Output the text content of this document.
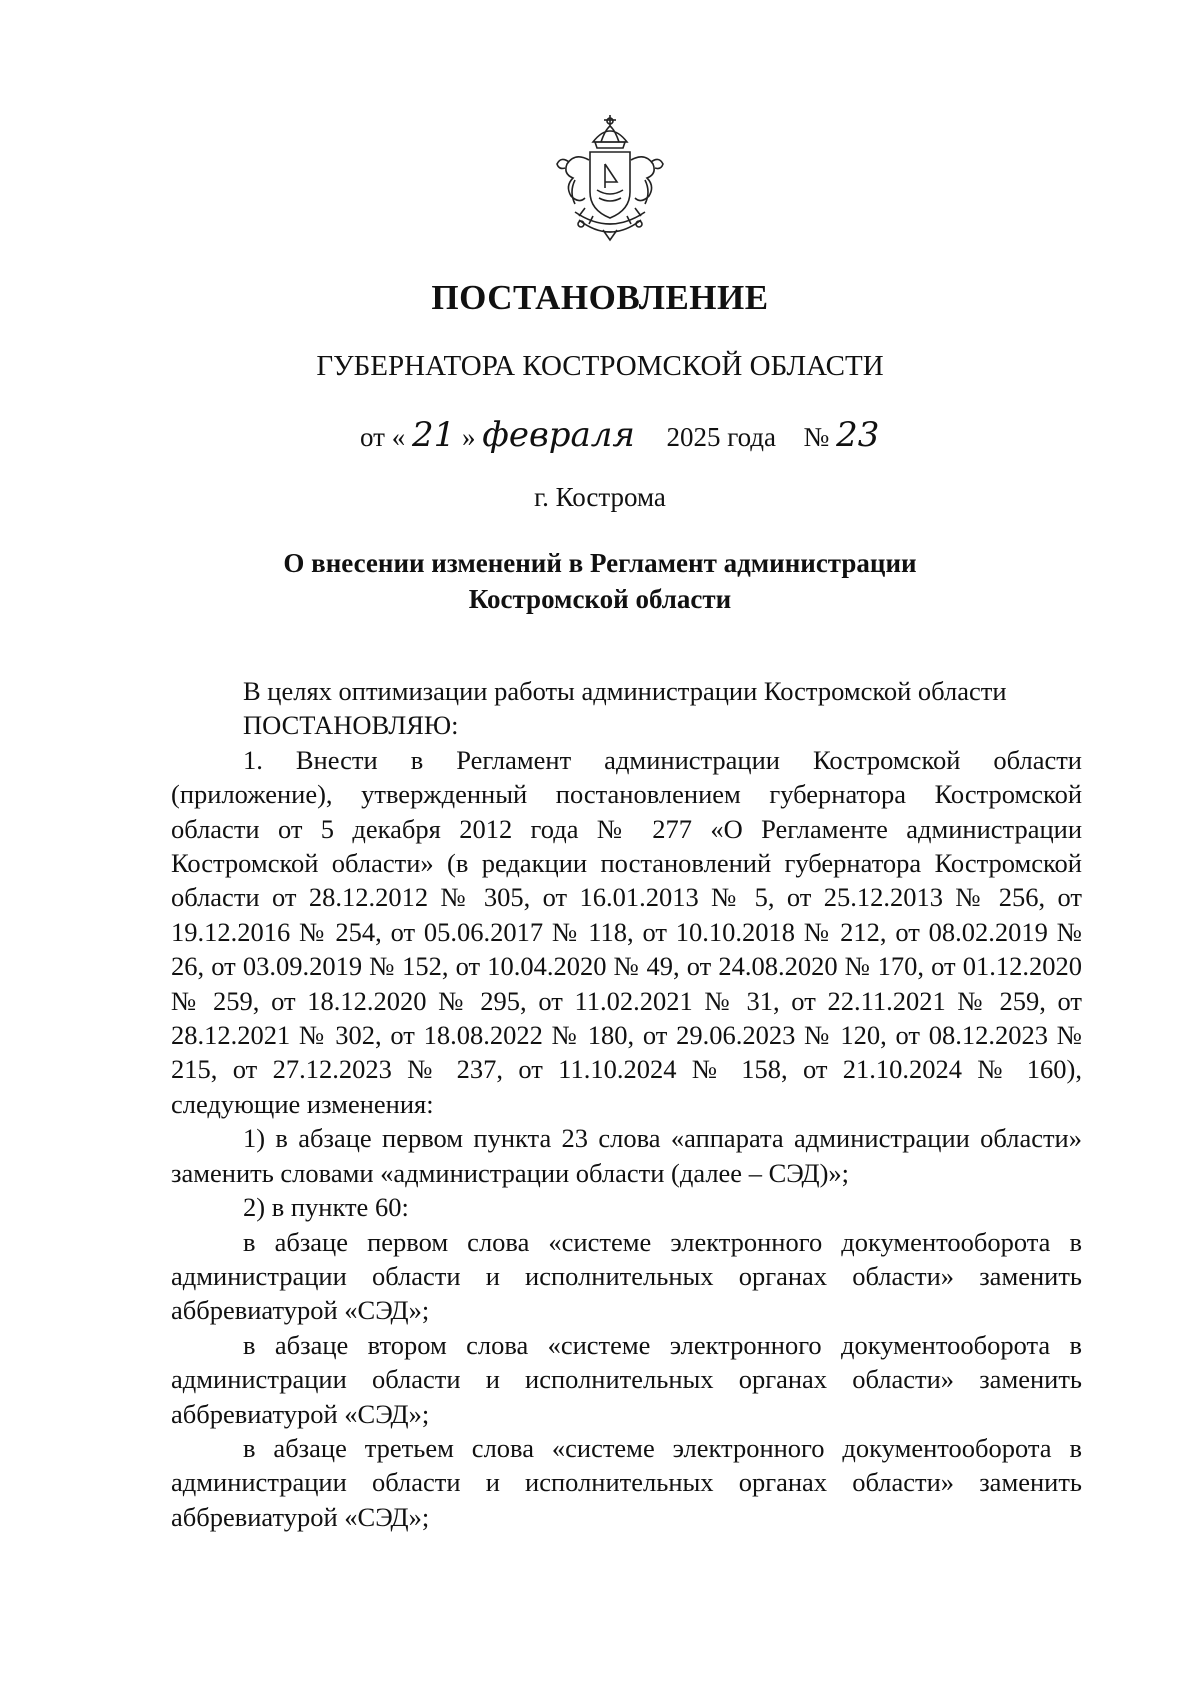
ПОСТАНОВЛЕНИЕ
ГУБЕРНАТОРА КОСТРОМСКОЙ ОБЛАСТИ
от « 21 » февраля 2025 года № 23
г. Кострома
О внесении изменений в Регламент администрации
Костромской области

В целях оптимизации работы администрации Костромской области

ПОСТАНОВЛЯЮ:

1. Внести в Регламент администрации Костромской области (приложение), утвержденный постановлением губернатора Костромской области от 5 декабря 2012 года № 277 «О Регламенте администрации Костромской области» (в редакции постановлений губернатора Костромской области от 28.12.2012 № 305, от 16.01.2013 № 5, от 25.12.2013 № 256, от 19.12.2016 № 254, от 05.06.2017 № 118, от 10.10.2018 № 212, от 08.02.2019 № 26, от 03.09.2019 № 152, от 10.04.2020 № 49, от 24.08.2020 № 170, от 01.12.2020 № 259, от 18.12.2020 № 295, от 11.02.2021 № 31, от 22.11.2021 № 259, от 28.12.2021 № 302, от 18.08.2022 № 180, от 29.06.2023 № 120, от 08.12.2023 № 215, от 27.12.2023 № 237, от 11.10.2024 № 158, от 21.10.2024 № 160), следующие изменения:

1) в абзаце первом пункта 23 слова «аппарата администрации области» заменить словами «администрации области (далее – СЭД)»;

2) в пункте 60:

в абзаце первом слова «системе электронного документооборота в администрации области и исполнительных органах области» заменить аббревиатурой «СЭД»;

в абзаце втором слова «системе электронного документооборота в администрации области и исполнительных органах области» заменить аббревиатурой «СЭД»;

в абзаце третьем слова «системе электронного документооборота в администрации области и исполнительных органах области» заменить аббревиатурой «СЭД»;
